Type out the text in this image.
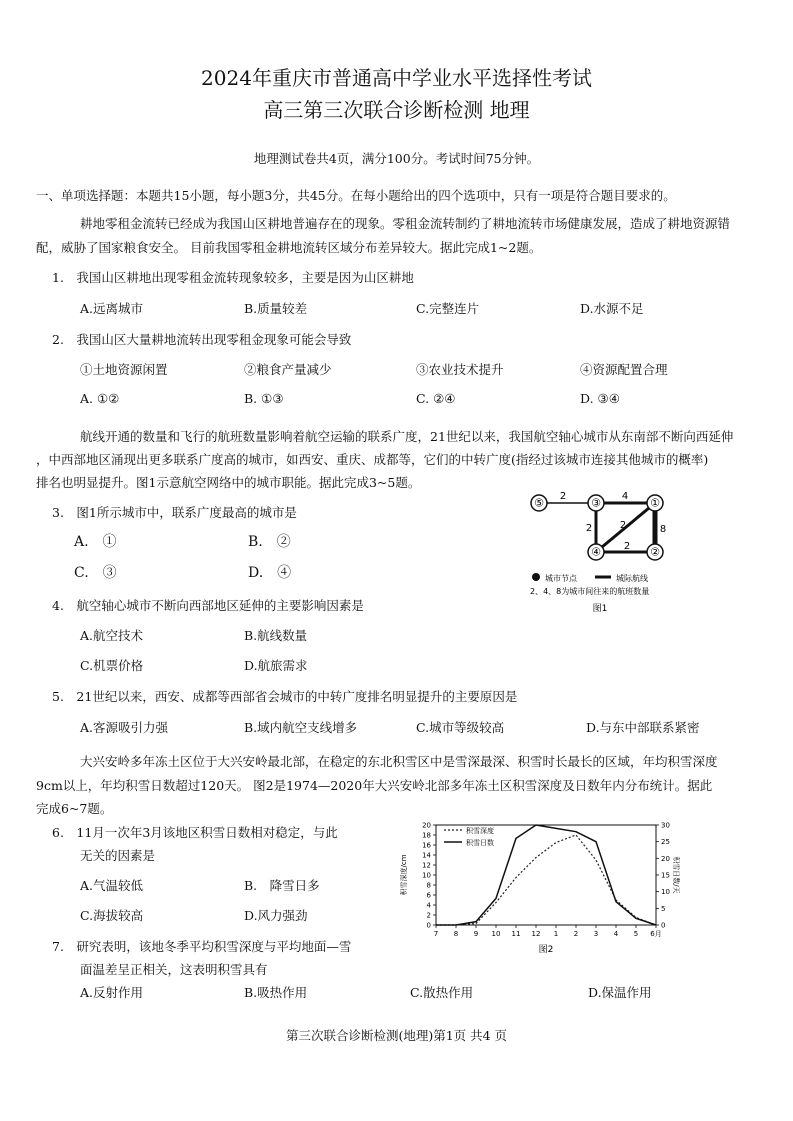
2024年重庆市普通高中学业水平选择性考试
高三第三次联合诊断检测 地理
地理测试卷共4页，满分100分。考试时间75分钟。
一、单项选择题：本题共15小题，每小题3分，共45分。在每小题给出的四个选项中，只有一项是符合题目要求的。
耕地零租金流转已经成为我国山区耕地普遍存在的现象。零租金流转制约了耕地流转市场健康发展，造成了耕地资源错
配，威胁了国家粮食安全。 目前我国零租金耕地流转区域分布差异较大。据此完成1~2题。
1.　我国山区耕地出现零租金流转现象较多，主要是因为山区耕地
A.远离城市	B.质量较差	C.完整连片	D.水源不足
2.　我国山区大量耕地流转出现零租金现象可能会导致
①土地资源闲置	②粮食产量减少	③农业技术提升	④资源配置合理
A. ①②	B. ①③	C. ②④	D. ③④
航线开通的数量和飞行的航班数量影响着航空运输的联系广度，21世纪以来，我国航空轴心城市从东南部不断向西延伸
，中西部地区涌现出更多联系广度高的城市，如西安、重庆、成都等，它们的中转广度(指经过该城市连接其他城市的概率)
排名也明显提升。图1示意航空网络中的城市职能。据此完成3~5题。
3.　图1所示城市中，联系广度最高的城市是
A.　①	B.　②
C.　③	D.　④
⑤	③	①
④	②
2	4
2	2	8
2
城市节点	城际航线
2、4、8为城市间往来的航班数量
图1
4.　航空轴心城市不断向西部地区延伸的主要影响因素是
A.航空技术	B.航线数量
C.机票价格	D.航旅需求
5.　21世纪以来，西安、成都等西部省会城市的中转广度排名明显提升的主要原因是
A.客源吸引力强	B.域内航空支线增多	C.城市等级较高	D.与东中部联系紧密
大兴安岭多年冻土区位于大兴安岭最北部，在稳定的东北积雪区中是雪深最深、积雪时长最长的区域，年均积雪深度
9cm以上，年均积雪日数超过120天。 图2是1974—2020年大兴安岭北部多年冻土区积雪深度及日数年内分布统计。据此
完成6~7题。
6.　11月一次年3月该地区积雪日数相对稳定，与此
无关的因素是
A.气温较低	B.　降雪日多
C.海拔较高	D.风力强劲
7.　研究表明，该地冬季平均积雪深度与平均地面—雪
面温差呈正相关，这表明积雪具有
A.反射作用	B.吸热作用	C.散热作用	D.保温作用
0
2
4
6
8
10
12
14
16
18
20
0
5
10
15
20
25
30
7 8 9 10 11 12 1 2 3 4 5 6月
积雪深度
积雪日数
积雪深度/cm	积雪日数/天
图2
第三次联合诊断检测(地理)第1页 共4 页
